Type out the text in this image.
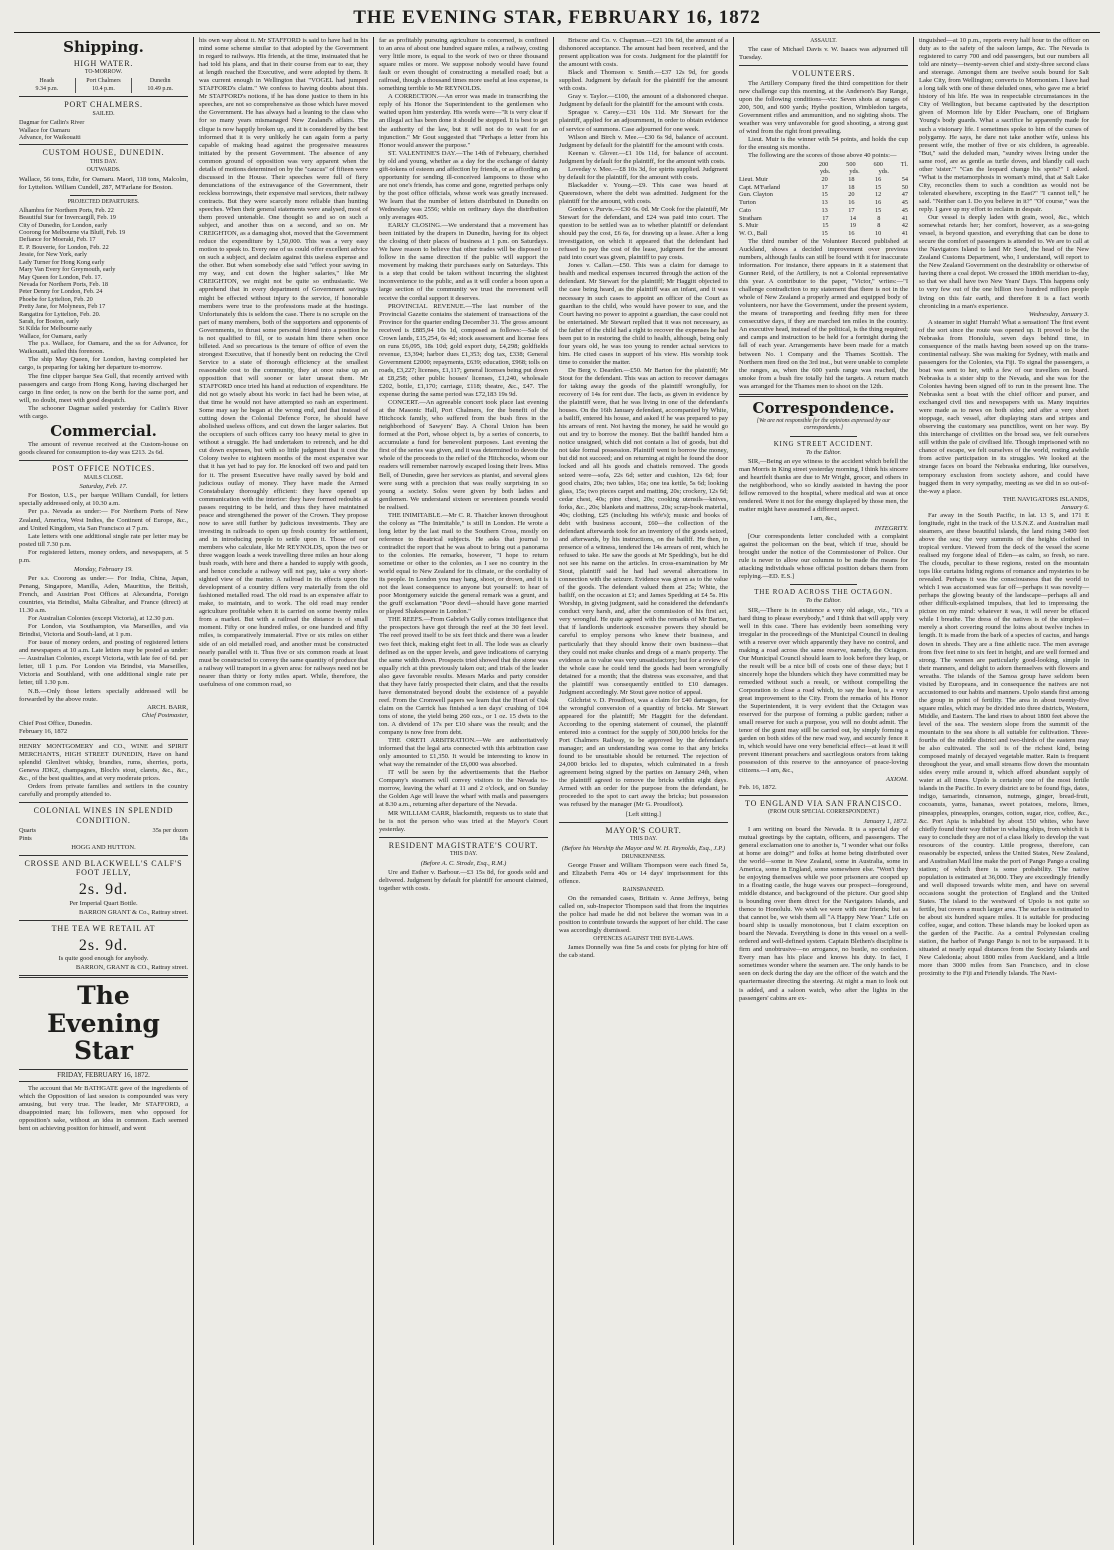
THE EVENING STAR, FEBRUARY 16, 1872
Shipping.
HIGH WATER.
TO-MORROW.
Heads
9.34 p.m.
Port Chalmers
10.4 p.m.
Dunedin
10.49 p.m.
PORT CHALMERS.
SAILED.
Dagmar for Catlin's River
Wallace for Oamaru
Advance, for Waikouaiti
CUSTOM HOUSE, DUNEDIN.
THIS DAY.
OUTWARDS.

Wallace, 56 tons, Edie, for Oamaru. Maori, 118 tons, Malcolm, for Lyttelton. William Cundell, 287, M'Farlane for Boston.

PROJECTED DEPARTURES.
Alhambra for Northern Ports, Feb. 22
Beautiful Star for Invercargill, Feb. 19
City of Dunedin, for London, early
Coorong for Melbourne via Bluff, Feb. 19
Defiance for Moeraki, Feb. 17
E. P. Bouverie, for London, Feb. 22
Jessie, for New York, early
Lady Turner for Hong Kong early
Mary Van Every for Greymouth, early
May Queen for London, Feb. 17.
Nevada for Northern Ports, Feb. 18
Peter Denny for London, Feb. 24
Phoebe for Lyttelton, Feb. 20
Pretty Jane, for Molyneux, Feb 17
Rangatira for Lyttelton, Feb. 20.
Sarah, for Boston, early
St Kilda for Melbourne early
Wallace, for Oamaru, early

The p.s. Wallace, for Oamaru, and the ss for Advance, for Waikouaiti, sailed this forenoon.

The ship May Queen, for London, having completed her cargo, is preparing for taking her departure to-morrow.

The fine clipper barque Sea Gull, that recently arrived with passengers and cargo from Hong Kong, having discharged her cargo in fine order, is now on the berth for the same port, and will, no doubt, meet with good despatch.

The schooner Dagmar sailed yesterday for Catlin's River with cargo.

Commercial.

The amount of revenue received at the Custom-house on goods cleared for consumption to-day was £213. 2s 6d.

POST OFFICE NOTICES.
MAILS CLOSE.
Saturday, Feb. 17.

For Boston, U.S., per barque William Cundall, for letters specially addressed only, at 10.30 a.m.

Per p.s. Nevada as under:— For Northern Ports of New Zealand, America, West Indies, the Continent of Europe, &c., and United Kingdom, via San Francisco at 7 p.m.

Late letters with one additional single rate per letter may be posted till 7.30 p.m.

For registered letters, money orders, and newspapers, at 5 p.m.

Monday, February 19.

Per s.s. Coorong as under:— For India, China, Japan, Penang, Singapore, Manilla, Aden, Mauritius, the British, French, and Austrian Post Offices at Alexandria, Foreign countries, via Brindisi, Malta Gibraltar, and France (direct) at 11.30 a.m.

For Australian Colonies (except Victoria), at 12.30 p.m.

For London, via Southampton, via Marseilles, and via Brindisi, Victoria and South-land, at 1 p.m.

For issue of money orders, and posting of registered letters and newspapers at 10 a.m. Late letters may be posted as under:— Australian Colonies, except Victoria, with late fee of 6d. per letter, till 1 p.m. For London via Brindisi, via Marseilles, Victoria and Southland, with one additional single rate per letter, till 1.30 p.m.

N.B.—Only those letters specially addressed will be forwarded by the above route.

ARCH. BARR,
Chief Postmaster,
Chief Post Office, Dunedin.
February 16, 1872

HENRY MONTGOMERY and CO., WINE and SPIRIT MERCHANTS, HIGH STREET DUNEDIN, Have on hand splendid Glenlivet whisky, brandies, rums, sherries, ports, Geneva JDKZ, champagnes, Bloch's stout, clarets, &c., &c., &c., of the best qualities, and at very moderate prices.

Orders from private families and settlers in the country carefully and promptly attended to.

COLONIAL WINES IN SPLENDID CONDITION.
Quarts	35s per dozen
Pints	18s
HOGG AND HUTTON.
CROSSE AND BLACKWELL'S CALF'S FOOT JELLY,
2s. 9d.
Per Imperial Quart Bottle.
BARRON GRANT & Co., Rattray street.
THE TEA WE RETAIL AT
2s. 9d.
Is quite good enough for anybody.
BARRON, GRANT & CO., Rattray street.
The Evening Star
FRIDAY, FEBRUARY 16, 1872.

The account that Mr BATHGATE gave of the ingredients of which the Opposition of last session is compounded was very amusing, but very true. The leader, Mr STAFFORD, a disappointed man; his followers, men who opposed for opposition's sake, without an idea in common. Each seemed bent on achieving position for himself, and went

his own way about it. Mr STAFFORD is said to have had in his mind some scheme similar to that adopted by the Government in regard to railways. His friends, at the time, insinuated that he had told his plans, and that in their course from ear to ear, they at length reached the Executive, and were adopted by them. It was current enough in Wellington that "VOGEL had jumped STAFFORD's claim." We confess to having doubts about this. Mr STAFFORD's notions, if he has done justice to them in his speeches, are not so comprehensive as those which have moved the Government. He has always had a leaning to the class who for so many years mismanaged New Zealand's affairs. The clique is now happily broken up, and it is considered by the best informed that it is very unlikely he can again form a party capable of making head against the progressive measures initiated by the present Government. The absence of any common ground of opposition was very apparent when the details of motions determined on by the "caucus" of fifteen were discussed in the House. Their speeches were full of fiery denunciations of the extravagance of the Government, their reckless borrowings, their expensive mail services, their railway contracts. But they were scarcely more reliable than hunting speeches. When their general statements were analysed, most of them proved untenable. One thought so and so on such a subject, and another thus on a second, and so on. Mr CREIGHTON, as a damaging shot, moved that the Government reduce the expenditure by 1,50,000. This was a very easy motion to speak to. Every one of us could offer excellent advice on such a subject, and declaim against this useless expense and the other. But when somebody else said "effect your saving in my way, and cut down the higher salaries," like Mr CREIGHTON, we might not be quite so enthusiastic. We apprehend that in every department of Government savings might be effected without injury to the service, if honorable members were true to the professions made at the hustings. Unfortunately this is seldom the case. There is no scruple on the part of many members, both of the supporters and opponents of Governments, to thrust some personal friend into a position he is not qualified to fill, or to sustain him there when once billeted. And so precarious is the tenure of office of even the strongest Executive, that if honestly bent on reducing the Civil Service to a state of thorough efficiency at the smallest reasonable cost to the community, they at once raise up an opposition that will sooner or later unseat them. Mr STAFFORD once tried his hand at reduction of expenditure. He did not go wisely about his work: in fact had he been wise, at that time he would not have attempted so rash an experiment. Some may say he began at the wrong end, and that instead of cutting down the Colonial Defence Force, he should have abolished useless offices, and cut down the larger salaries. But the occupiers of such offices carry too heavy metal to give in without a struggle. He had undertaken to retrench, and he did cut down expenses, but with so little judgment that it cost the Colony twelve to eighteen months of the most expensive war that it has yet had to pay for. He knocked off two and paid ten for it. The present Executive have really saved by bold and judicious outlay of money. They have made the Armed Constabulary thoroughly efficient: they have opened up communication with the interior: they have formed redoubts at passes requiring to be held, and thus they have maintained peace and strengthened the power of the Crown. They propose now to save still further by judicious investments. They are investing in railroads to open up fresh country for settlement, and in introducing people to settle upon it. Those of our members who calculate, like Mr REYNOLDS, upon the two or three waggon loads a week travelling three miles an hour along bush roads, with here and there a handed to supply with goods, and hence conclude a railway will not pay, take a very short-sighted view of the matter. A railroad in its effects upon the development of a country differs very materially from the old fashioned metalled road. The old road is an expensive affair to make, to maintain, and to work. The old road may render agriculture profitable when it is carried on some twenty miles from a market. But with a railroad the distance is of small moment. Fifty or one hundred miles, or one hundred and fifty miles, is comparatively immaterial. Five or six miles on either side of an old metalled road, and another must be constructed nearly parallel with it. Thus five or six common roads at least must be constructed to convey the same quantity of produce that a railway will transport in a given area: for railways need not be nearer than thirty or forty miles apart. While, therefore, the usefulness of one common road, so

far as profitably pursuing agriculture is concerned, is confined to an area of about one hundred square miles, a railway, costing very little more, is equal to the work of two or three thousand square miles or more. We suppose nobody would have found fault or even thought of constructing a metalled road; but a railroad, though a thousand times more useful at less expense, is something terrible to Mr REYNOLDS.

A CORRECTION.—An error was made in transcribing the reply of his Honor the Superintendent to the gentlemen who waited upon him yesterday. His words were—"It is very clear if an illegal act has been done it should be stopped. It is best to get the authority of the law, but it will not do to wait for an injunction." Mr Gout suggested that "Perhaps a letter from his Honor would answer the purpose."

ST. VALENTINE'S DAY.—The 14th of February, cherished by old and young, whether as a day for the exchange of dainty gift-tokens of esteem and affection by friends, or as affording an opportunity for sending ill-conceived lampoons to those who are not one's friends, has come and gone, regretted perhaps only by the post office officials, whose work was greatly increased. We learn that the number of letters distributed in Dunedin on Wednesday was 2556; while on ordinary days the distribution only averages 405.

EARLY CLOSING.—We understand that a movement has been initiated by the drapers in Dunedin, having for its object the closing of their places of business at 1 p.m. on Saturdays. We have reason to believe that other trades will be disposed to follow in the same direction if the public will support the movement by making their purchases early on Saturdays. This is a step that could be taken without incurring the slightest inconvenience to the public, and as it will confer a boon upon a large section of the community we trust the movement will receive the cordial support it deserves.

PROVINCIAL REVENUE.—The last number of the Provincial Gazette contains the statement of transactions of the Province for the quarter ending December 31. The gross amount received is £885,94 10s 1d, composed as follows:—Sale of Crown lands, £15,254, 6s 4d; stock assessment and license fees on runs £6,095, 18s 10d; gold export duty, £4,298; goldfields revenue, £3,394; harbor dues £1,353; dog tax, £338; General Government £2000; repayments, £639; education, £968; tolls on roads, £3,227; licenses, £1,117; general licenses being put down at £8,258; other public houses' licenses, £1,240, wholesale £202, bottle, £1,170; carriage, £118; theatre, &c., £47. The expense during the same period was £72,183 19s 9d.

CONCERT.—An agreeable concert took place last evening at the Masonic Hall, Port Chalmers, for the benefit of the Hitchcock family, who suffered from the bush fires in the neighborhood of Sawyers' Bay. A Choral Union has been formed at the Port, whose object is, by a series of concerts, to accumulate a fund for benevolent purposes. Last evening the first of the series was given, and it was determined to devote the whole of the proceeds to the relief of the Hitchcocks, whom our readers will remember narrowly escaped losing their lives. Miss Bell, of Dunedin, gave her services as pianist, and several glees were sung with a precision that was really surprising in so young a society. Solos were given by both ladies and gentlemen. We understand sixteen or seventeen pounds would be realised.

THE INIMITABLE.—Mr C. R. Thatcher known throughout the colony as "The Inimitable," is still in London. He wrote a long letter by the last mail to the Southern Cross, mostly on reference to theatrical subjects. He asks that journal to contradict the report that he was about to bring out a panorama to the colonies. He remarks, however, "I hope to return sometime or other to the colonies, as I see no country in the world equal to New Zealand for its climate, or the cordiality of its people. In London you may hang, shoot, or drown, and it is not the least consequence to anyone but yourself: to hear of poor Montgomery suicide the general remark was a grunt, and the gruff exclamation "Poor devil—should have gone married or played Shakespeare in London."

THE REEFS.—From Gabriel's Gully comes intelligence that the prospectors have got through the reef at the 30 feet level. The reef proved itself to be six feet thick and there was a leader two feet thick, making eight feet in all. The lode was as clearly defined as on the upper levels, and gave indications of carrying the same width down. Prospects tried showed that the stone was equally rich at this previously taken out; and trials of the leader also gave favorable results. Messrs Marks and party consider that they have fairly prospected their claim, and that the results have demonstrated beyond doubt the existence of a payable reef. From the Cromwell papers we learn that the Heart of Oak claim on the Carrick has finished a ten days' crushing of 104 tons of stone, the yield being 260 ozs., or 1 oz. 15 dwts to the ton. A dividend of 17s per £10 share was the result; and the company is now free from debt.

THE ORETI ARBITRATION.—We are authoritatively informed that the legal arts connected with this arbitration case only amounted to £1,350. It would be interesting to know in what way the remainder of the £6,000 was absorbed.

IT will be seen by the advertisements that the Harbor Company's steamers will convey visitors to the Nevada to-morrow, leaving the wharf at 11 and 2 o'clock, and on Sunday the Golden Age will leave the wharf with mails and passengers at 8.30 a.m., returning after departure of the Nevada.

MR WILLIAM CARR, blacksmith, requests us to state that he is not the person who was tried at the Mayor's Court yesterday.

RESIDENT MAGISTRATE'S COURT.
THIS DAY.
(Before A. C. Strode, Esq., R.M.)

Ure and Esther v. Barbour.—£3 15s 8d, for goods sold and delivered. Judgment by default for plaintiff for amount claimed, together with costs.

Briscoe and Co. v. Chapman.—£21 10s 6d, the amount of a dishonored acceptance. The amount had been received, and the present application was for costs. Judgment for the plaintiff for the amount with costs.

Black and Thomson v. Smith.—£37 12s 9d, for goods supplied. Judgment by default for the plaintiff for the amount with costs.

Gray v. Taylor.—£100, the amount of a dishonored cheque. Judgment by default for the plaintiff for the amount with costs.

Sprague v. Carey.—£31 10s 11d. Mr Stewart for the plaintiff, applied for an adjournment, in order to obtain evidence of service of summons. Case adjourned for one week.

Wilson and Birch v. Mee.—£30 6s 9d, balance of account. Judgment by default for the plaintiff for the amount with costs.

Keenan v. Glover.—£1 10s 11d, for balance of account. Judgment by default for the plaintiff, for the amount with costs.

Loveday v. Mee.—£8 10s 3d, for spirits supplied. Judgment by default for the plaintiff, for the amount with costs.

Blackadder v. Young.—£9. This case was heard at Queenstown, where the debt was admitted. Judgment for the plaintiff for the amount, with costs.

Gordon v. Purvis.—£30 6s. 0d. Mr Cook for the plaintiff, Mr Stewart for the defendant, and £24 was paid into court. The question to be settled was as to whether plaintiff or defendant should pay the cost, £6 6s, for drawing up a lease. After a long investigation, on which it appeared that the defendant had refused to pay the cost of the lease, judgment for the amount paid into court was given, plaintiff to pay costs.

Jones v. Callan.—£50. This was a claim for damage to health and medical expenses incurred through the action of the defendant. Mr Stewart for the plaintiff; Mr Haggitt objected to the case being heard, as the plaintiff was an infant, and it was necessary in such cases to appoint an officer of the Court as guardian to the child, who would have power to sue, and the Court having no power to appoint a guardian, the case could not be entertained. Mr Stewart replied that it was not necessary, as the father of the child had a right to recover the expenses he had been put to in restoring the child to health, although, being only four years old, he was too young to render actual services to him. He cited cases in support of his view. His worship took time to consider the matter.

De Berg v. Dearden.—£50. Mr Barton for the plaintiff; Mr Stout for the defendant. This was an action to recover damages for taking away the goods of the plaintiff wrongfully, for recovery of 14s for rent due. The facts, as given in evidence by the plaintiff were, that he was living in one of the defendant's houses. On the 16th January defendant, accompanied by White, a bailiff, entered his house, and asked if he was prepared to pay his arrears of rent. Not having the money, he said he would go out and try to borrow the money. But the bailiff handed him a notice unsigned, which did not contain a list of goods, but did not take formal possession. Plaintiff went to borrow the money, but did not succeed; and on returning at night he found the door locked and all his goods and chattels removed. The goods seized were—sofa, 22s 6d; setter and cushion, 12s 6d; four good chairs, 20s; two tables, 16s; one tea kettle, 5s 6d; looking glass, 15s; two pieces carpet and matting, 20s; crockery, 12s 6d; cedar chest, 40s; pine chest, 20s; cooking utensils—knives, forks, &c., 20s; blankets and mattress, 20s; scrap-book material, 40s; clothing, £25 (including his wife's); music and books of debt with business account, £60—the collection of the defendant afterwards took for an inventory of the goods seized, and afterwards, by his instructions, on the bailiff. He then, in presence of a witness, tendered the 14s arrears of rent, which he refused to take. He saw the goods at Mr Spedding's, but he did not see his name on the articles. In cross-examination by Mr Stout, plaintiff said he had had several altercations in connection with the seizure. Evidence was given as to the value of the goods. The defendant valued them at 25s; White, the bailiff, on the occasion at £1; and James Spedding at £4 5s. His Worship, in giving judgment, said he considered the defendant's conduct very harsh, and, after the commission of his first act, very wrongful. He quite agreed with the remarks of Mr Barton, that if landlords undertook excessive powers they should be careful to employ persons who knew their business, and particularly that they should know their own business—that they could not make chunks and dregs of a man's property. The evidence as to value was very unsatisfactory; but for a review of the whole case he could tend the goods had been wrongfully detained for a month; that the distress was excessive, and that the plaintiff was consequently entitled to £10 damages. Judgment accordingly. Mr Stout gave notice of appeal.

Gilchrist v. D. Proudfoot, was a claim for £40 damages, for the wrongful conversion of a quantity of bricks. Mr Stewart appeared for the plaintiff; Mr Haggitt for the defendant. According to the opening statement of counsel, the plaintiff entered into a contract for the supply of 300,000 bricks for the Port Chalmers Railway, to be approved by the defendant's manager; and an understanding was come to that any bricks found to be unsuitable should be returned. The rejection of 24,000 bricks led to disputes, which culminated in a fresh agreement being signed by the parties on January 24th, when the plaintiff agreed to remove the bricks within eight days. Armed with an order for the purpose from the defendant, he proceeded to the spot to cart away the bricks; but possession was refused by the manager (Mr G. Proudfoot).

[Left sitting.]
MAYOR'S COURT.
THIS DAY.
(Before his Worship the Mayor and W. H. Reynolds, Esq., J.P.)
DRUNKENNESS.

George Fraser and William Thompson were each fined 5s, and Elizabeth Ferra 40s or 14 days' imprisonment for this offence.

RAINSPANNED.

On the remanded cases, Brittain v. Anne Jeffreys, being called on, sub-Inspector Thompson said that from the inquiries the police had made he did not believe the woman was in a position to contribute towards the support of her child. The case was accordingly dismissed.

OFFENCES AGAINST THE BYE-LAWS.

James Donnelly was fine 5s and costs for plying for hire off the cab stand.

ASSAULT.

The case of Michael Davis v. W. Isaacs was adjourned till Tuesday.

VOLUNTEERS.

The Artillery Company fired the third competition for their new challenge cup this morning, at the Anderson's Bay Range, upon the following conditions—viz: Seven shots at ranges of 200, 500, and 600 yards; Hythe position, Wimbledon targets, Government rifles and ammunition, and no sighting shots. The weather was very unfavorable for good shooting, a strong gust of wind from the right front prevailing.

Lieut. Muir is the winner with 54 points, and holds the cup for the ensuing six months.

The following are the scores of those above 40 points:—

200	500	600	Tl.
yds.	yds.	yds.
Lieut. Muir	20	18	16	54
Capt. M'Farland	17	18	15	50
Gun. Clayton	15	20	12	47
Turton	13	16	16	45
Cato	13	17	15	45
Stratham	17	14	8	41
S. Muir	15	19	8	42
W. O., Ball	15	16	10	41

The third number of the Volunteer Record published at Auckland, shows a decided improvement over previous numbers, although faults can still be found with it for inaccurate information. For instance, there appears in it a statement that Gunner Reid, of the Artillery, is not a Colonial representative this year. A contributor to the paper, "Victor," writes:—"I challenge contradiction to my statement that there is not in the whole of New Zealand a properly armed and equipped body of volunteers, nor have the Government, under the present system, the means of transporting and feeding fifty men for three consecutive days, if they are marched ten miles in the country. An executive head, instead of the political, is the thing required; and camps and instruction to be held for a fortnight during the fall of each year. Arrangements have been made for a match between No. 1 Company and the Thames Scottish. The Northern men fired on the 3rd inst., but were unable to complete the ranges, as, when the 600 yards range was reached, the smoke from a bush fire totally hid the targets. A return match was arranged for the Thames men to shoot on the 12th.

Correspondence.
[We are not responsible for the opinions expressed by our correspondents.]
KING STREET ACCIDENT.
To the Editor.

SIR,—Being an eye witness to the accident which befell the man Morris in King street yesterday morning, I think his sincere and heartfelt thanks are due to Mr Wright, grocer, and others in the neighborhood, who so kindly assisted in having the poor fellow removed to the hospital, where medical aid was at once rendered. Were it not for the energy displayed by those men, the matter might have assumed a different aspect.

I am, &c.,
INTEGRITY.

[Our correspondents letter concluded with a complaint against the policeman on the beat, which if true, should be brought under the notice of the Commissioner of Police. Our rule is never to allow our columns to be made the means for attacking individuals whose official position debars them from replying.—ED. E.S.]

THE ROAD ACROSS THE OCTAGON.
To the Editor.

SIR,—There is in existence a very old adage, viz., "It's a hard thing to please everybody," and I think that will apply very well in this case. There has evidently been something very irregular in the proceedings of the Municipal Council in dealing with a reserve over which apparently they have no control, and making a road across the same reserve, namely, the Octagon. Our Municipal Council should learn to look before they leap, or the result will be a nice bill of costs one of these days; but I sincerely hope the blunders which they have committed may be remedied without such a result, or without compelling the Corporation to close a road which, to say the least, is a very great improvement to the City. From the remarks of his Honor the Superintendent, it is very evident that the Octagon was reserved for the purpose of forming a public garden; rather a small reserve for such a purpose, you will no doubt admit. The tenor of the grant may still be carried out, by simply forming a garden on both sides of the new road way, and securely fence it in, which would have one very beneficial effect—at least it will prevent itinerant preachers and sacrilegious orators from taking possession of this reserve to the annoyance of peace-loving citizens.—I am, &c.,

AXIOM.
Feb. 16, 1872.
TO ENGLAND VIA SAN FRANCISCO.
(FROM OUR SPECIAL CORRESPONDENT.)
January 1, 1872.

I am writing on board the Nevada. It is a special day of mutual greetings by the captain, officers, and passengers. The general exclamation one to another is, "I wonder what our folks at home are doing?" and folks at home being distributed over the world—some in New Zealand, some in Australia, some in America, some in England, some somewhere else. "Won't they be enjoying themselves while we poor prisoners are cooped up in a floating castle, the huge waves our prospect—foreground, middle distance, and background of the picture. Our good ship is bounding over them direct for the Navigators Islands, and thence to Honolulu. We wish we were with our friends; but as that cannot be, we wish them all "A Happy New Year." Life on board ship is usually monotonous, but I claim exception on board the Nevada. Everything is done in this vessel on a well-ordered and well-defined system. Captain Blethen's discipline is firm and unobtrusive—no arrogance, no bustle, no confusion. Every man has his place and knows his duty. In fact, I sometimes wonder where the seamen are. The only hands to be seen on deck during the day are the officer of the watch and the quartermaster directing the steering. At night a man to look out is added, and a saloon watch, who after the lights in the passengers' cabins are ex-

tinguished—at 10 p.m., reports every half hour to the officer on duty as to the safety of the saloon lamps, &c. The Nevada is registered to carry 700 and odd passengers, but our numbers all told are ninety—twenty-seven chief and sixty-three second class and steerage. Amongst them are twelve souls bound for Salt Lake City, from Wellington; converts to Mormonism. I have had a long talk with one of these deluded ones, who gave me a brief history of his life. He was in respectable circumstances in the City of Wellington, but became captivated by the description given of Mormon life by Elder Peacham, one of Brigham Young's body guards. What a sacrifice he apparently made for such a visionary life. I sometimes spoke to him of the curses of polygamy. He says, he dare not take another wife, unless his present wife, the mother of five or six children, is agreeable. "But," said the deluded man, "sundry wives living under the same roof, are as gentle as turtle doves, and blandly call each other 'sister.'" "Can the leopard change his spots?" I asked. "What is the metamorphosis in woman's mind, that at Salt Lake City, reconciles them to such a condition as would not be tolerated elsewhere, excepting in the East?" "I cannot tell," he said. "Neither can I. Do you believe in it?" "Of course," was the reply. I gave up my effort to reclaim in despair.

Our vessel is deeply laden with grain, wool, &c., which somewhat retards her; her comfort, however, as a sea-going vessel, is beyond question, and everything that can be done to secure the comfort of passengers is attended to. We are to call at the Navigators Island to land Mr Seed, the head of the New Zealand Customs Department, who, I understand, will report to the New Zealand Government on the desirability or otherwise of having there a coal depot. We crossed the 180th meridian to-day, so that we shall have two New Years' Days. This happens only to very few out of the one billion two hundred million people living on this fair earth, and therefore it is a fact worth chronicling in a man's experience.

Wednesday, January 3.

A steamer in sight! Hurrah! What a sensation! The first event of the sort since the route was opened up. It proved to be the Nebraska from Honolulu, seven days behind time, in consequence of the mails having been sowed up on the trans-continental railway. She was making for Sydney, with mails and passengers for the Colonies, via Fiji. To signal the passengers, a boat was sent to her, with a few of our travellers on board. Nebraska is a sister ship to the Nevada, and she was for the Colonies having been signed off to run in the present line. The Nebraska sent a boat with the chief officer and purser, and exchanged civil ties and newspapers with us. Many inquiries were made as to news on both sides; and after a very short stoppage, each vessel, after displaying stars and stripes and observing the customary sea punctilios, went on her way. By this interchange of civilities on the broad sea, we felt ourselves still within the pale of civilised life. Though imprisoned with no chance of escape, we felt ourselves of the world, resting awhile from active participation in its struggles. We looked at the strange faces on board the Nebraska enduring, like ourselves, temporary exclusion from society ashore, and could have hugged them in very sympathy, meeting as we did in so out-of-the-way a place.

THE NAVIGATORS ISLANDS,
January 6.

Far away in the South Pacific, in lat. 13 S, and 171 E longitude, right in the track of the U.S.N.Z. and Australian mail steamers, are these beautiful islands, the land rising 3400 feet above the sea; the very summits of the heights clothed in tropical verdure. Viewed from the deck of the vessel the scene realised my forgone ideal of Eden—as calm, so fresh, so rare. The clouds, peculiar to these regions, rested on the mountain tops like curtains hiding regions of romance and mysteries to be revealed. Perhaps it was the consciousness that the world to which I was accustomed was far off—perhaps it was novelty—perhaps the glowing beauty of the landscape—perhaps all and other difficult-explained impulses, that led to impressing the picture on my mind: whatever it was, it will never be effaced while I breathe. The dress of the natives is of the simplest—merely a short covering round the loins about twelve inches in length. It is made from the bark of a species of cactus, and hangs down in shreds. They are a fine athletic race. The men average from five feet nine to six feet in height, and are well formed and strong. The women are particularly good-looking, simple in their manners, and delight to adorn themselves with flowers and wreaths. The islands of the Samoa group have seldom been visited by Europeans, and in consequence the natives are not accustomed to our habits and manners. Upolo stands first among the group in point of fertility. The area in about twenty-five square miles, which may be divided into three districts, Western, Middle, and Eastern. The land rises to about 1800 feet above the level of the sea. The western slope from the summit of the mountain to the sea shore is all suitable for cultivation. Three-fourths of the middle district and two-thirds of the eastern may be also cultivated. The soil is of the richest kind, being composed mainly of decayed vegetable matter. Rain is frequent throughout the year, and small streams flow down the mountain sides every mile around it, which afford abundant supply of water at all times. Upolo is certainly one of the most fertile islands in the Pacific. In every district are to be found figs, dates, indigo, tamarinds, cinnamon, nutmegs, ginger, bread-fruit, cocoanuts, yams, bananas, sweet potatoes, melons, limes, pineapples, pineapples, oranges, cotton, sugar, rice, coffee, &c., &c. Port Apia is inhabited by about 150 whites, who have chiefly found their way thither in whaling ships, from which it is easy to conclude they are not of a class likely to develop the vast resources of the country. Little progress, therefore, can reasonably be expected, unless the United States, New Zealand, and Australian Mail line make the port of Pango Pango a coaling station; of which there is some probability. The native population is estimated at 36,000. They are exceedingly friendly and well disposed towards white men, and have on several occasions sought the protection of England and the United States. The island to the westward of Upolo is not quite so fertile, but covers a much larger area. The surface is estimated to be about six hundred square miles. It is suitable for producing coffee, sugar, and cotton. These islands may be looked upon as the garden of the Pacific. As a central Polynesian coaling station, the harbor of Pango Pango is not to be surpassed. It is situated at nearly equal distances from the Society Islands and New Caledonia; about 1800 miles from Auckland, and a little more than 3000 miles from San Francisco, and in close proximity to the Fiji and Friendly Islands. The Navi-
